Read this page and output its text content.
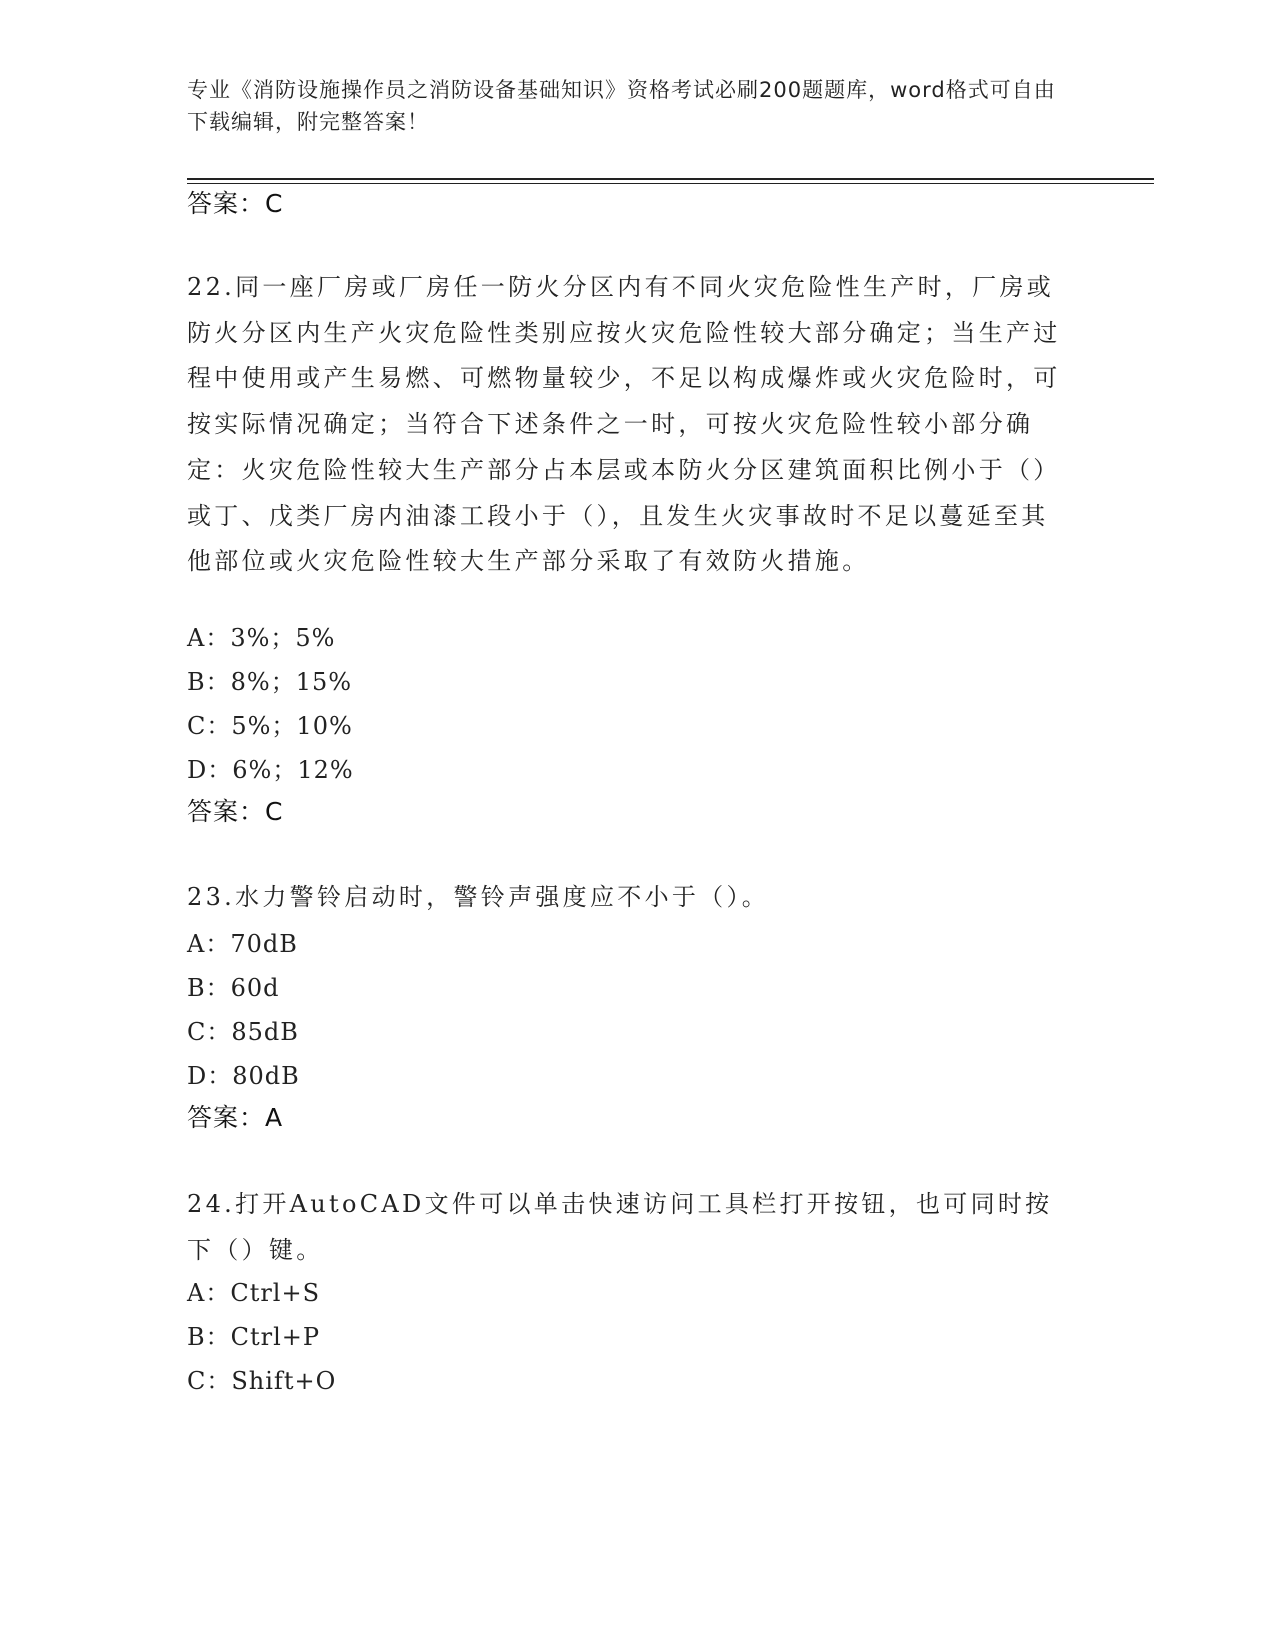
专业《消防设施操作员之消防设备基础知识》资格考试必刷200题题库，word格式可自由下载编辑，附完整答案！
答案：C
22.同一座厂房或厂房任一防火分区内有不同火灾危险性生产时，厂房或防火分区内生产火灾危险性类别应按火灾危险性较大部分确定；当生产过程中使用或产生易燃、可燃物量较少，不足以构成爆炸或火灾危险时，可按实际情况确定；当符合下述条件之一时，可按火灾危险性较小部分确定：火灾危险性较大生产部分占本层或本防火分区建筑面积比例小于（）或丁、戊类厂房内油漆工段小于（），且发生火灾事故时不足以蔓延至其他部位或火灾危险性较大生产部分采取了有效防火措施。
A：3%；5%
B：8%；15%
C：5%；10%
D：6%；12%
答案：C
23.水力警铃启动时，警铃声强度应不小于（）。
A：70dB
B：60d
C：85dB
D：80dB
答案：A
24.打开AutoCAD文件可以单击快速访问工具栏打开按钮，也可同时按下（）键。
A：Ctrl+S
B：Ctrl+P
C：Shift+O
